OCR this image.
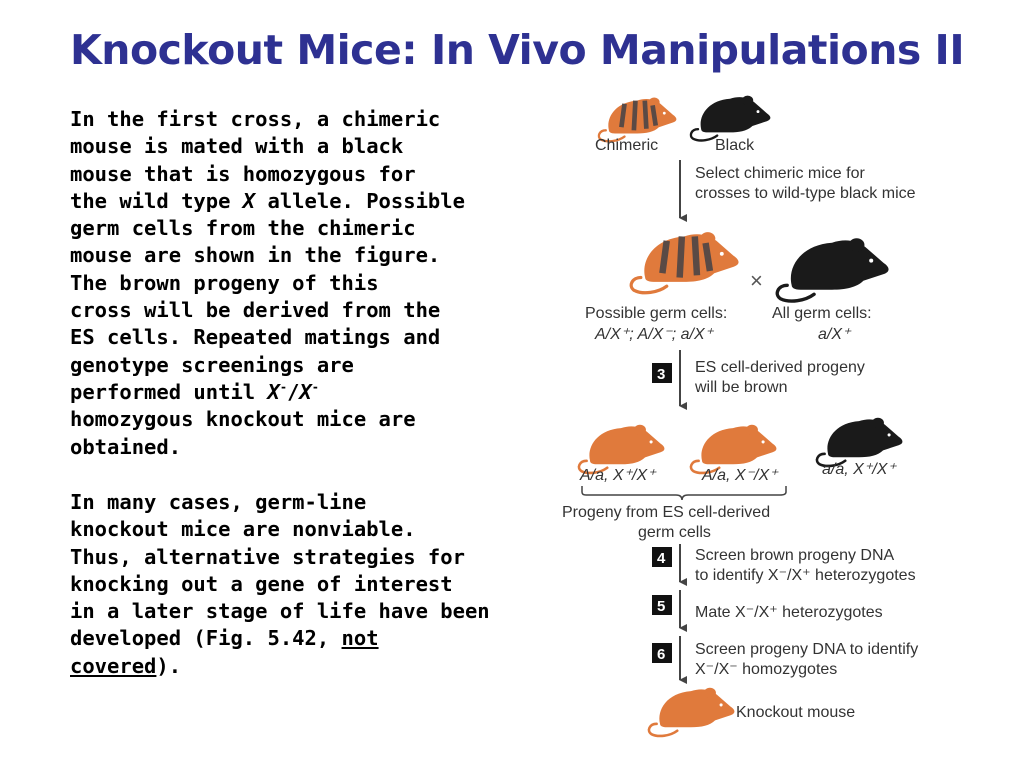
Knockout Mice: In Vivo Manipulations II
In the first cross, a chimeric
mouse is mated with a black
mouse that is homozygous for
the wild type X allele. Possible
germ cells from the chimeric
mouse are shown in the figure.
The brown progeny of this
cross will be derived from the
ES cells. Repeated matings and
genotype screenings are
performed until X-/X-
homozygous knockout mice are
obtained.
In many cases, germ-line
knockout mice are nonviable.
Thus, alternative strategies for
knocking out a gene of interest
in a later stage of life have been
developed (Fig. 5.42, not
covered).
Chimeric	Black
Select chimeric mice for
crosses to wild-type black mice
×
Possible germ cells:
A/X⁺; A/X⁻; a/X⁺
All germ cells:
a/X⁺
3 ES cell-derived progeny
will be brown
A/a, X⁺/X⁺	A/a, X⁻/X⁺	a/a, X⁺/X⁺
Progeny from ES cell-derived
germ cells
4 Screen brown progeny DNA
to identify X⁻/X⁺ heterozygotes
5 Mate X⁻/X⁺ heterozygotes
6 Screen progeny DNA to identify
X⁻/X⁻ homozygotes
Knockout mouse
